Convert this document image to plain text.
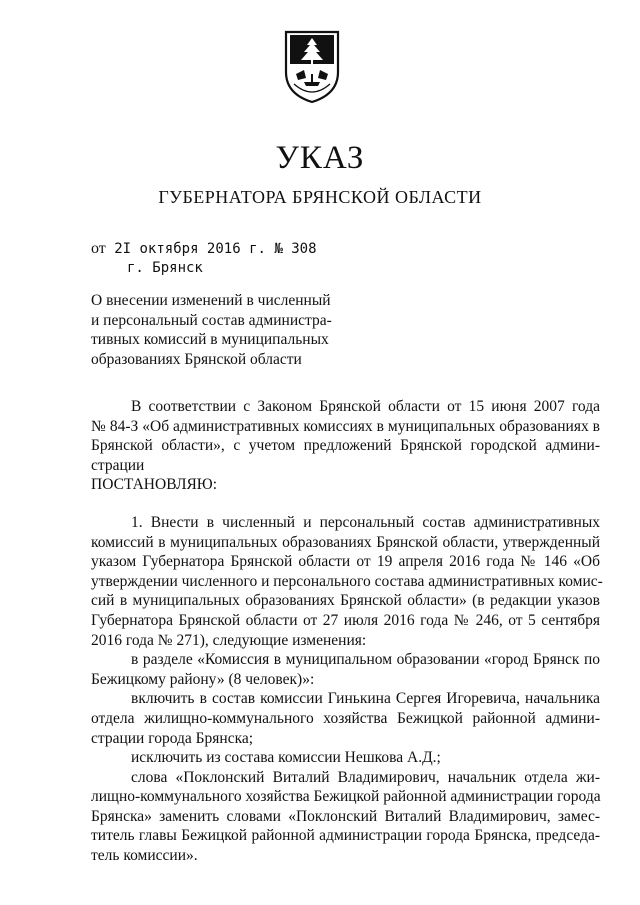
УКАЗ
ГУБЕРНАТОРА БРЯНСКОЙ ОБЛАСТИ
от 2I октября 2016 г. № 308
г. Брянск
О внесении изменений в численный
и персональный состав администра-
тивных комиссий в муниципальных
образованиях Брянской области
В соответствии с Законом Брянской области от 15 июня 2007 года
№ 84-З «Об административных комиссиях в муниципальных образованиях в
Брянской области», с учетом предложений Брянской городской админи-
страции
ПОСТАНОВЛЯЮ:
1. Внести в численный и персональный состав административных
комиссий в муниципальных образованиях Брянской области, утвержденный
указом Губернатора Брянской области от 19 апреля 2016 года № 146 «Об
утверждении численного и персонального состава административных комис-
сий в муниципальных образованиях Брянской области» (в редакции указов
Губернатора Брянской области от 27 июля 2016 года № 246, от 5 сентября
2016 года № 271), следующие изменения:
в разделе «Комиссия в муниципальном образовании «город Брянск по
Бежицкому району» (8 человек)»:
включить в состав комиссии Гинькина Сергея Игоревича, начальника
отдела жилищно-коммунального хозяйства Бежицкой районной админи-
страции города Брянска;
исключить из состава комиссии Нешкова А.Д.;
слова «Поклонский Виталий Владимирович, начальник отдела жи-
лищно-коммунального хозяйства Бежицкой районной администрации города
Брянска» заменить словами «Поклонский Виталий Владимирович, замес-
титель главы Бежицкой районной администрации города Брянска, председа-
тель комиссии».
